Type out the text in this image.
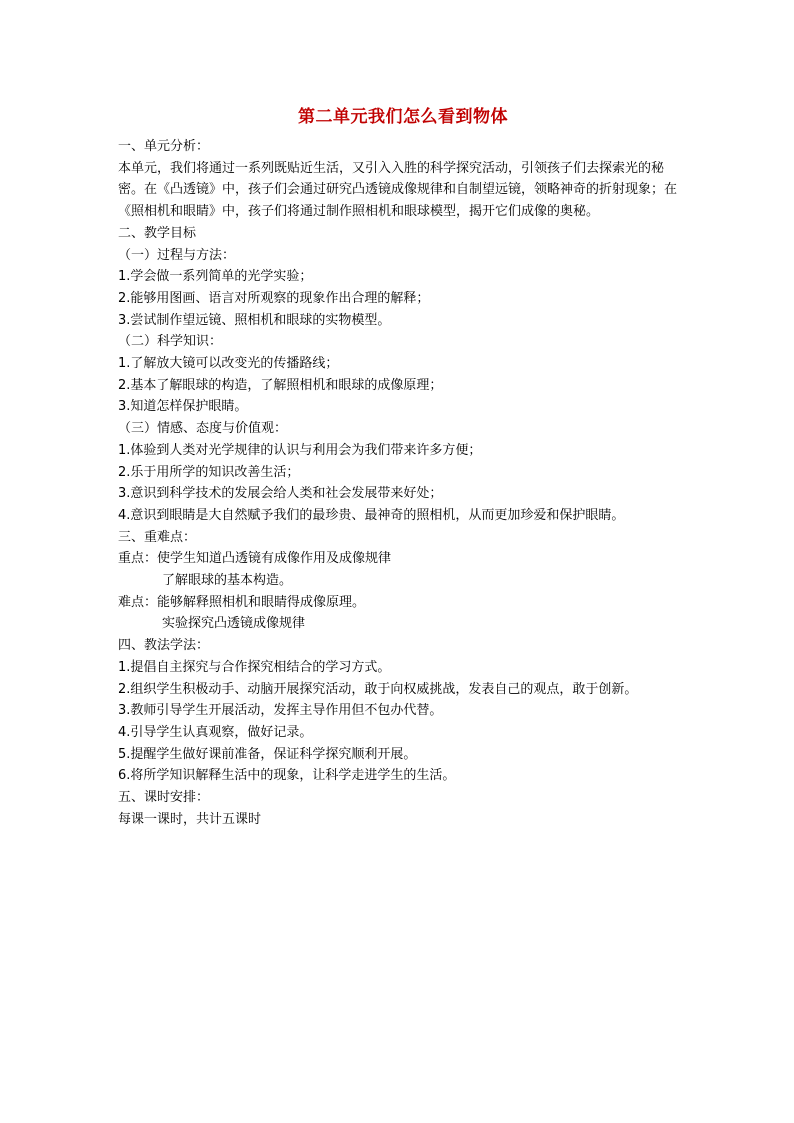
第二单元我们怎么看到物体
一、单元分析：
本单元，我们将通过一系列既贴近生活，又引入入胜的科学探究活动，引领孩子们去探索光的秘密。在《凸透镜》中，孩子们会通过研究凸透镜成像规律和自制望远镜，领略神奇的折射现象；在《照相机和眼睛》中，孩子们将通过制作照相机和眼球模型，揭开它们成像的奥秘。
二、教学目标
（一）过程与方法：
1.学会做一系列简单的光学实验；
2.能够用图画、语言对所观察的现象作出合理的解释；
3.尝试制作望远镜、照相机和眼球的实物模型。
（二）科学知识：
1.了解放大镜可以改变光的传播路线；
2.基本了解眼球的构造，了解照相机和眼球的成像原理；
3.知道怎样保护眼睛。
（三）情感、态度与价值观：
1.体验到人类对光学规律的认识与利用会为我们带来许多方便；
2.乐于用所学的知识改善生活；
3.意识到科学技术的发展会给人类和社会发展带来好处；
4.意识到眼睛是大自然赋予我们的最珍贵、最神奇的照相机，从而更加珍爱和保护眼睛。
三、重难点：
重点：使学生知道凸透镜有成像作用及成像规律
了解眼球的基本构造。
难点：能够解释照相机和眼睛得成像原理。
实验探究凸透镜成像规律
四、教法学法：
1.提倡自主探究与合作探究相结合的学习方式。
2.组织学生积极动手、动脑开展探究活动，敢于向权威挑战，发表自己的观点，敢于创新。
3.教师引导学生开展活动，发挥主导作用但不包办代替。
4.引导学生认真观察，做好记录。
5.提醒学生做好课前准备，保证科学探究顺利开展。
6.将所学知识解释生活中的现象，让科学走进学生的生活。
五、课时安排：
每课一课时，共计五课时
